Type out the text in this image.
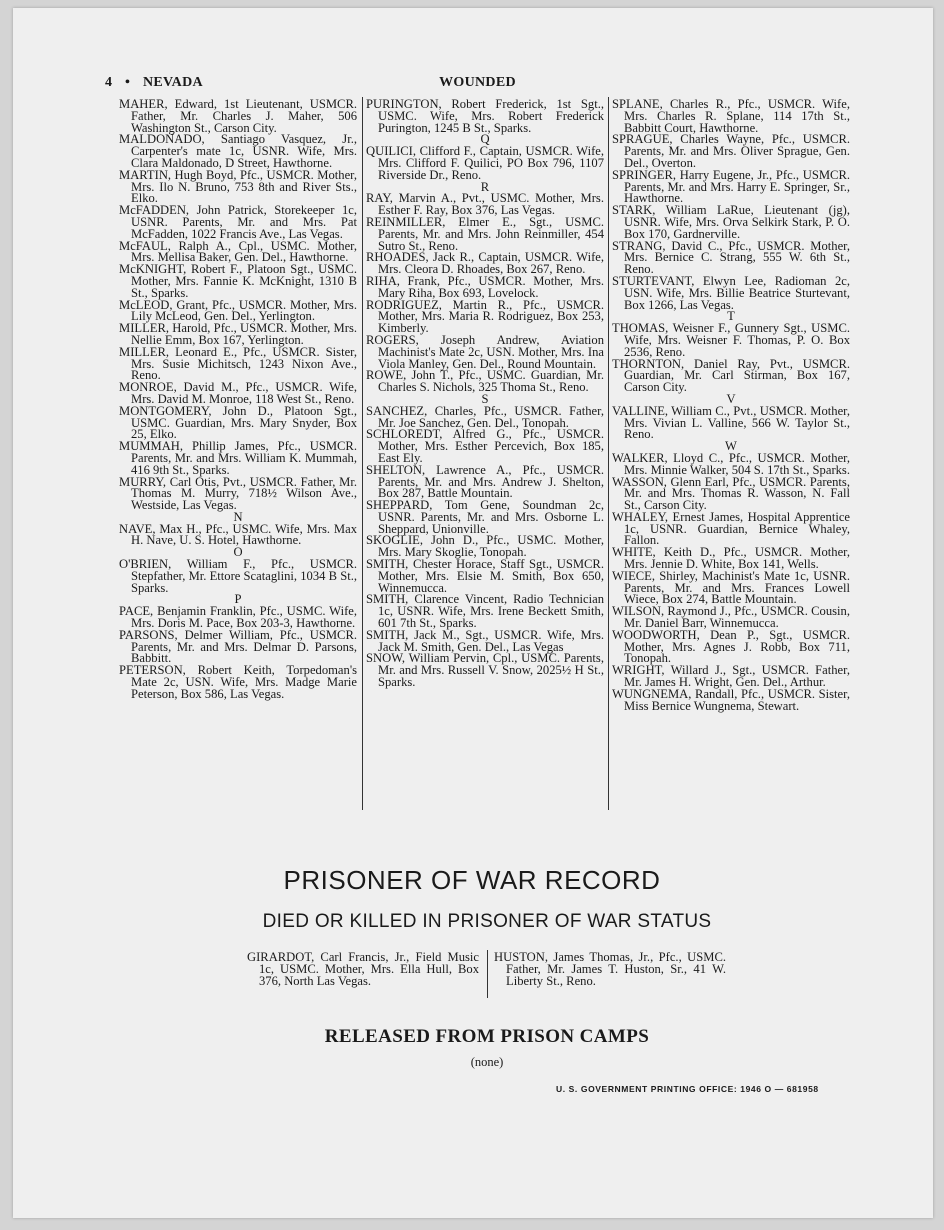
4 • NEVADA	WOUNDED

MAHER, Edward, 1st Lieutenant, USMCR. Father, Mr. Charles J. Maher, 506 Washington St., Carson City.

MALDONADO, Santiago Vasquez, Jr., Carpenter's mate 1c, USNR. Wife, Mrs. Clara Maldonado, D Street, Hawthorne.

MARTIN, Hugh Boyd, Pfc., USMCR. Mother, Mrs. Ilo N. Bruno, 753 8th and River Sts., Elko.

McFADDEN, John Patrick, Storekeeper 1c, USNR. Parents, Mr. and Mrs. Pat McFadden, 1022 Francis Ave., Las Vegas.

McFAUL, Ralph A., Cpl., USMC. Mother, Mrs. Mellisa Baker, Gen. Del., Hawthorne.

McKNIGHT, Robert F., Platoon Sgt., USMC. Mother, Mrs. Fannie K. McKnight, 1310 B St., Sparks.

McLEOD, Grant, Pfc., USMCR. Mother, Mrs. Lily McLeod, Gen. Del., Yerlington.

MILLER, Harold, Pfc., USMCR. Mother, Mrs. Nellie Emm, Box 167, Yerlington.

MILLER, Leonard E., Pfc., USMCR. Sister, Mrs. Susie Michitsch, 1243 Nixon Ave., Reno.

MONROE, David M., Pfc., USMCR. Wife, Mrs. David M. Monroe, 118 West St., Reno.

MONTGOMERY, John D., Platoon Sgt., USMC. Guardian, Mrs. Mary Snyder, Box 25, Elko.

MUMMAH, Phillip James, Pfc., USMCR. Parents, Mr. and Mrs. William K. Mummah, 416 9th St., Sparks.

MURRY, Carl Otis, Pvt., USMCR. Father, Mr. Thomas M. Murry, 718½ Wilson Ave., Westside, Las Vegas.

N

NAVE, Max H., Pfc., USMC. Wife, Mrs. Max H. Nave, U. S. Hotel, Hawthorne.

O

O'BRIEN, William F., Pfc., USMCR. Stepfather, Mr. Ettore Scataglini, 1034 B St., Sparks.

P

PACE, Benjamin Franklin, Pfc., USMC. Wife, Mrs. Doris M. Pace, Box 203-3, Hawthorne.

PARSONS, Delmer William, Pfc., USMCR. Parents, Mr. and Mrs. Delmar D. Parsons, Babbitt.

PETERSON, Robert Keith, Torpedoman's Mate 2c, USN. Wife, Mrs. Madge Marie Peterson, Box 586, Las Vegas.

PURINGTON, Robert Frederick, 1st Sgt., USMC. Wife, Mrs. Robert Frederick Purington, 1245 B St., Sparks.

Q

QUILICI, Clifford F., Captain, USMCR. Wife, Mrs. Clifford F. Quilici, PO Box 796, 1107 Riverside Dr., Reno.

R

RAY, Marvin A., Pvt., USMC. Mother, Mrs. Esther F. Ray, Box 376, Las Vegas.

REINMILLER, Elmer E., Sgt., USMC. Parents, Mr. and Mrs. John Reinmiller, 454 Sutro St., Reno.

RHOADES, Jack R., Captain, USMCR. Wife, Mrs. Cleora D. Rhoades, Box 267, Reno.

RIHA, Frank, Pfc., USMCR. Mother, Mrs. Mary Riha, Box 693, Lovelock.

RODRIGUEZ, Martin R., Pfc., USMCR. Mother, Mrs. Maria R. Rodriguez, Box 253, Kimberly.

ROGERS, Joseph Andrew, Aviation Machinist's Mate 2c, USN. Mother, Mrs. Ina Viola Manley, Gen. Del., Round Mountain.

ROWE, John T., Pfc., USMC. Guardian, Mr. Charles S. Nichols, 325 Thoma St., Reno.

S

SANCHEZ, Charles, Pfc., USMCR. Father, Mr. Joe Sanchez, Gen. Del., Tonopah.

SCHLOREDT, Alfred G., Pfc., USMCR. Mother, Mrs. Esther Percevich, Box 185, East Ely.

SHELTON, Lawrence A., Pfc., USMCR. Parents, Mr. and Mrs. Andrew J. Shelton, Box 287, Battle Mountain.

SHEPPARD, Tom Gene, Soundman 2c, USNR. Parents, Mr. and Mrs. Osborne L. Sheppard, Unionville.

SKOGLIE, John D., Pfc., USMC. Mother, Mrs. Mary Skoglie, Tonopah.

SMITH, Chester Horace, Staff Sgt., USMCR. Mother, Mrs. Elsie M. Smith, Box 650, Winnemucca.

SMITH, Clarence Vincent, Radio Technician 1c, USNR. Wife, Mrs. Irene Beckett Smith, 601 7th St., Sparks.

SMITH, Jack M., Sgt., USMCR. Wife, Mrs. Jack M. Smith, Gen. Del., Las Vegas

SNOW, William Pervin, Cpl., USMC. Parents, Mr. and Mrs. Russell V. Snow, 2025½ H St., Sparks.

SPLANE, Charles R., Pfc., USMCR. Wife, Mrs. Charles R. Splane, 114 17th St., Babbitt Court, Hawthorne.

SPRAGUE, Charles Wayne, Pfc., USMCR. Parents, Mr. and Mrs. Oliver Sprague, Gen. Del., Overton.

SPRINGER, Harry Eugene, Jr., Pfc., USMCR. Parents, Mr. and Mrs. Harry E. Springer, Sr., Hawthorne.

STARK, William LaRue, Lieutenant (jg), USNR. Wife, Mrs. Orva Selkirk Stark, P. O. Box 170, Gardnerville.

STRANG, David C., Pfc., USMCR. Mother, Mrs. Bernice C. Strang, 555 W. 6th St., Reno.

STURTEVANT, Elwyn Lee, Radioman 2c, USN. Wife, Mrs. Billie Beatrice Sturtevant, Box 1266, Las Vegas.

T

THOMAS, Weisner F., Gunnery Sgt., USMC. Wife, Mrs. Weisner F. Thomas, P. O. Box 2536, Reno.

THORNTON, Daniel Ray, Pvt., USMCR. Guardian, Mr. Carl Stirman, Box 167, Carson City.

V

VALLINE, William C., Pvt., USMCR. Mother, Mrs. Vivian L. Valline, 566 W. Taylor St., Reno.

W

WALKER, Lloyd C., Pfc., USMCR. Mother, Mrs. Minnie Walker, 504 S. 17th St., Sparks.

WASSON, Glenn Earl, Pfc., USMCR. Parents, Mr. and Mrs. Thomas R. Wasson, N. Fall St., Carson City.

WHALEY, Ernest James, Hospital Apprentice 1c, USNR. Guardian, Bernice Whaley, Fallon.

WHITE, Keith D., Pfc., USMCR. Mother, Mrs. Jennie D. White, Box 141, Wells.

WIECE, Shirley, Machinist's Mate 1c, USNR. Parents, Mr. and Mrs. Frances Lowell Wiece, Box 274, Battle Mountain.

WILSON, Raymond J., Pfc., USMCR. Cousin, Mr. Daniel Barr, Winnemucca.

WOODWORTH, Dean P., Sgt., USMCR. Mother, Mrs. Agnes J. Robb, Box 711, Tonopah.

WRIGHT, Willard J., Sgt., USMCR. Father, Mr. James H. Wright, Gen. Del., Arthur.

WUNGNEMA, Randall, Pfc., USMCR. Sister, Miss Bernice Wungnema, Stewart.

PRISONER OF WAR RECORD
DIED OR KILLED IN PRISONER OF WAR STATUS

GIRARDOT, Carl Francis, Jr., Field Music 1c, USMC. Mother, Mrs. Ella Hull, Box 376, North Las Vegas.

HUSTON, James Thomas, Jr., Pfc., USMC. Father, Mr. James T. Huston, Sr., 41 W. Liberty St., Reno.

RELEASED FROM PRISON CAMPS
(none)
U. S. GOVERNMENT PRINTING OFFICE: 1946 O — 681958
